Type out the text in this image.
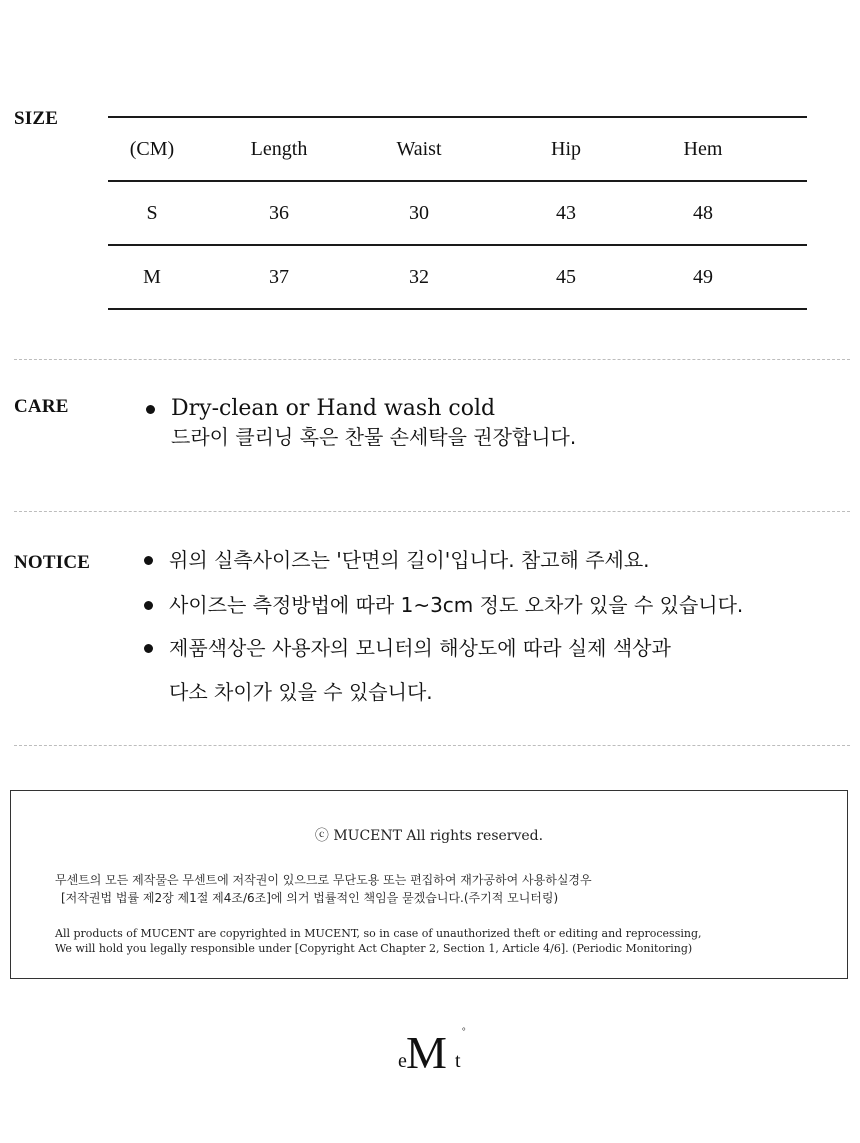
SIZE
(CM)	Length	Waist	Hip	Hem
S	36	30	43	48
M	37	32	45	49
CARE	Dry-clean or Hand wash cold
드라이 클리닝 혹은 찬물 손세탁을 권장합니다.
NOTICE	위의 실측사이즈는 '단면의 길이'입니다. 참고해 주세요.
사이즈는 측정방법에 따라 1~3cm 정도 오차가 있을 수 있습니다.
제품색상은 사용자의 모니터의 해상도에 따라 실제 색상과
다소 차이가 있을 수 있습니다.
ⓒ MUCENT All rights reserved.
무센트의 모든 제작물은 무센트에 저작권이 있으므로 무단도용 또는 편집하여 재가공하여 사용하실경우
[저작권법 법률 제2장 제1절 제4조/6조]에 의거 법률적인 책임을 묻겠습니다.(주기적 모니터링)
All products of MUCENT are copyrighted in MUCENT, so in case of unauthorized theft or editing and reprocessing,
We will hold you legally responsible under [Copyright Act Chapter 2, Section 1, Article 4/6]. (Periodic Monitoring)
e M t
°
